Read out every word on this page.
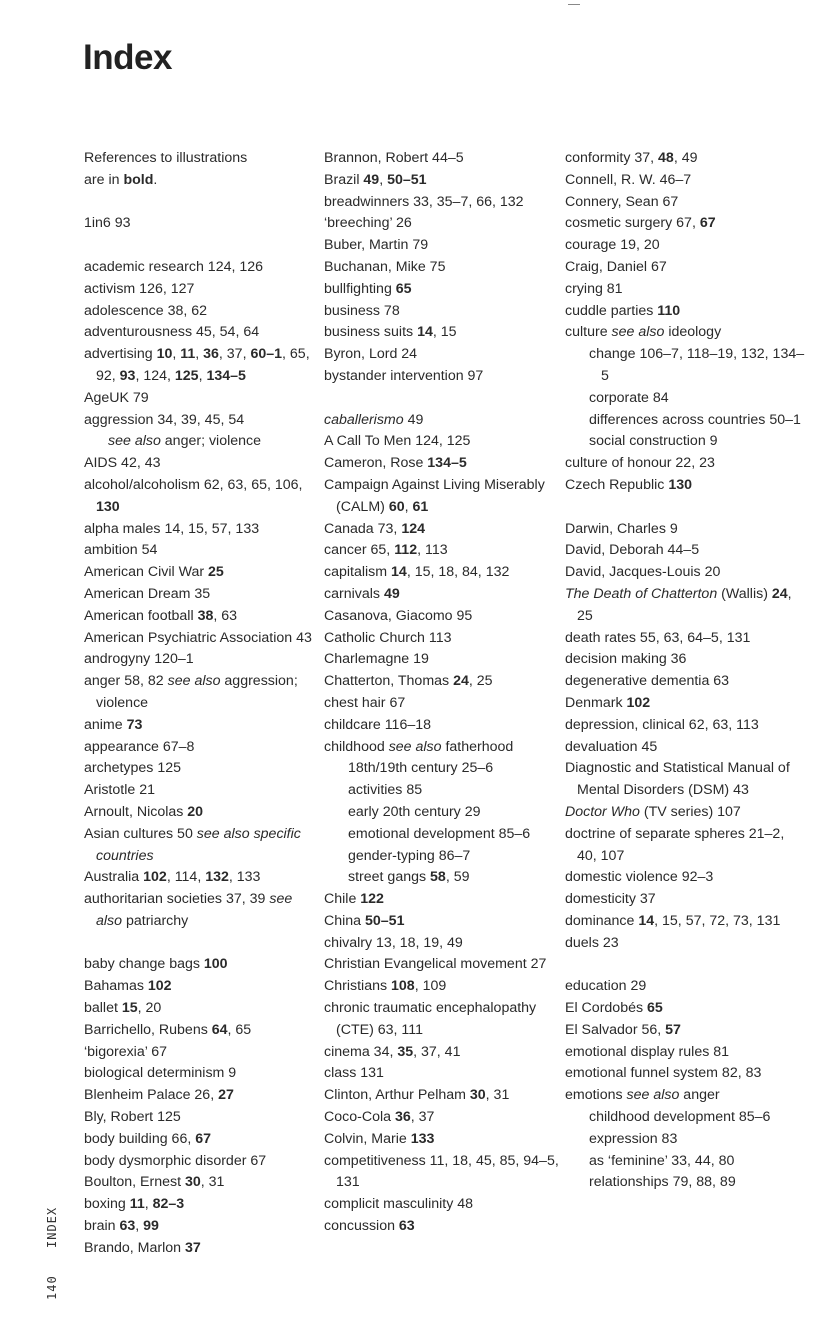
Index
References to illustrations
are in bold.
1in6 93
academic research 124, 126
activism 126, 127
adolescence 38, 62
adventurousness 45, 54, 64
advertising 10, 11, 36, 37, 60–1, 65, 92, 93, 124, 125, 134–5
AgeUK 79
aggression 34, 39, 45, 54
see also anger; violence
AIDS 42, 43
alcohol/alcoholism 62, 63, 65, 106, 130
alpha males 14, 15, 57, 133
ambition 54
American Civil War 25
American Dream 35
American football 38, 63
American Psychiatric Association 43
androgyny 120–1
anger 58, 82 see also aggression; violence
anime 73
appearance 67–8
archetypes 125
Aristotle 21
Arnoult, Nicolas 20
Asian cultures 50 see also specific countries
Australia 102, 114, 132, 133
authoritarian societies 37, 39 see also patriarchy
baby change bags 100
Bahamas 102
ballet 15, 20
Barrichello, Rubens 64, 65
‘bigorexia’ 67
biological determinism 9
Blenheim Palace 26, 27
Bly, Robert 125
body building 66, 67
body dysmorphic disorder 67
Boulton, Ernest 30, 31
boxing 11, 82–3
brain 63, 99
Brando, Marlon 37
Brannon, Robert 44–5
Brazil 49, 50–51
breadwinners 33, 35–7, 66, 132
‘breeching’ 26
Buber, Martin 79
Buchanan, Mike 75
bullfighting 65
business 78
business suits 14, 15
Byron, Lord 24
bystander intervention 97
caballerismo 49
A Call To Men 124, 125
Cameron, Rose 134–5
Campaign Against Living Miserably (CALM) 60, 61
Canada 73, 124
cancer 65, 112, 113
capitalism 14, 15, 18, 84, 132
carnivals 49
Casanova, Giacomo 95
Catholic Church 113
Charlemagne 19
Chatterton, Thomas 24, 25
chest hair 67
childcare 116–18
childhood see also fatherhood
18th/19th century 25–6
activities 85
early 20th century 29
emotional development 85–6
gender-typing 86–7
street gangs 58, 59
Chile 122
China 50–51
chivalry 13, 18, 19, 49
Christian Evangelical movement 27
Christians 108, 109
chronic traumatic encephalopathy (CTE) 63, 111
cinema 34, 35, 37, 41
class 131
Clinton, Arthur Pelham 30, 31
Coco-Cola 36, 37
Colvin, Marie 133
competitiveness 11, 18, 45, 85, 94–5, 131
complicit masculinity 48
concussion 63
conformity 37, 48, 49
Connell, R. W. 46–7
Connery, Sean 67
cosmetic surgery 67, 67
courage 19, 20
Craig, Daniel 67
crying 81
cuddle parties 110
culture see also ideology
change 106–7, 118–19, 132, 134–5
corporate 84
differences across countries 50–1
social construction 9
culture of honour 22, 23
Czech Republic 130
Darwin, Charles 9
David, Deborah 44–5
David, Jacques-Louis 20
The Death of Chatterton (Wallis) 24, 25
death rates 55, 63, 64–5, 131
decision making 36
degenerative dementia 63
Denmark 102
depression, clinical 62, 63, 113
devaluation 45
Diagnostic and Statistical Manual of Mental Disorders (DSM) 43
Doctor Who (TV series) 107
doctrine of separate spheres 21–2, 40, 107
domestic violence 92–3
domesticity 37
dominance 14, 15, 57, 72, 73, 131
duels 23
education 29
El Cordobés 65
El Salvador 56, 57
emotional display rules 81
emotional funnel system 82, 83
emotions see also anger
childhood development 85–6
expression 83
as ‘feminine’ 33, 44, 80
relationships 79, 88, 89
INDEX
140
